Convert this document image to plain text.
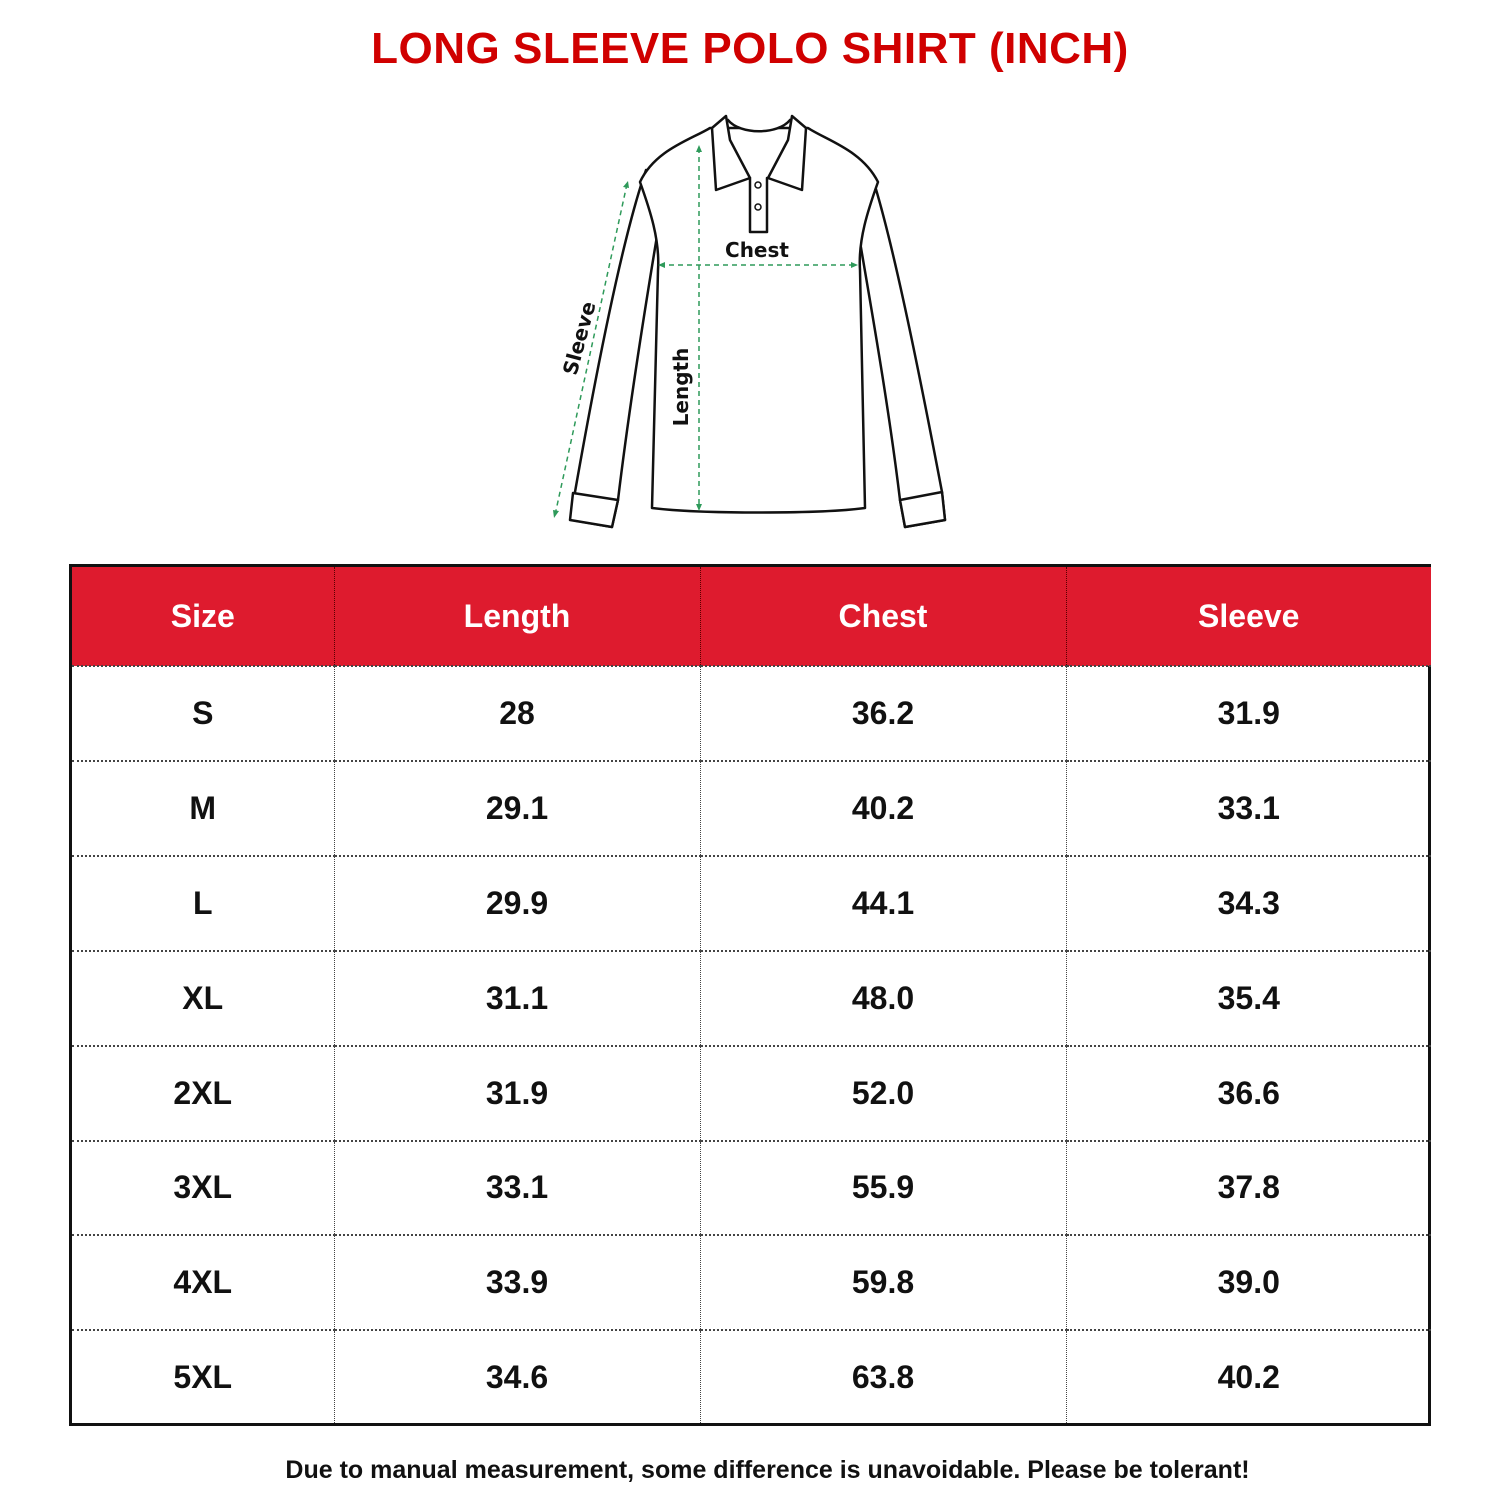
LONG SLEEVE POLO SHIRT (INCH)
Chest
Length
Sleeve
Size	Length	Chest	Sleeve
S	28	36.2	31.9
M	29.1	40.2	33.1
L	29.9	44.1	34.3
XL	31.1	48.0	35.4
2XL	31.9	52.0	36.6
3XL	33.1	55.9	37.8
4XL	33.9	59.8	39.0
5XL	34.6	63.8	40.2
Due to manual measurement, some difference is unavoidable. Please be tolerant!
